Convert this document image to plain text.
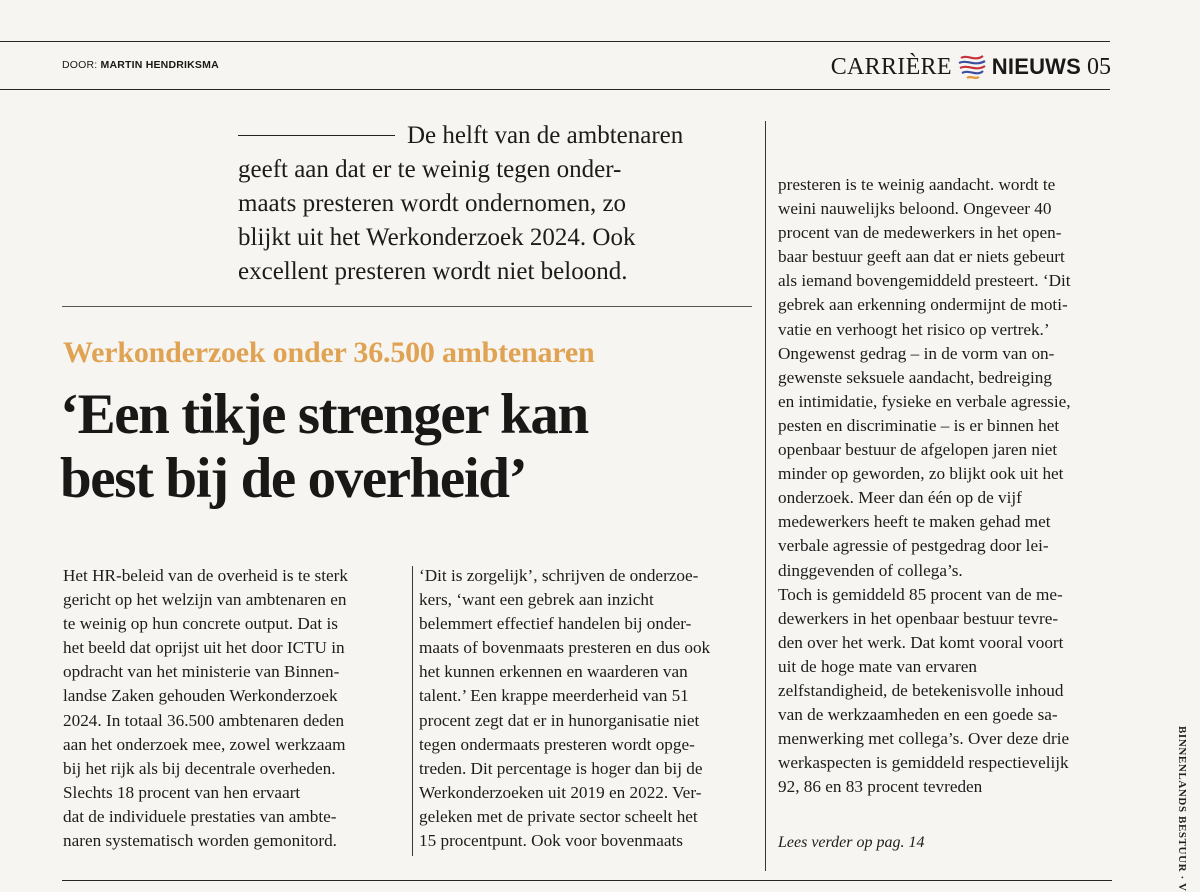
DOOR: MARTIN HENDRIKSMA	CARRIÈRE NIEUWS 05
De helft van de ambtenaren
geeft aan dat er te weinig tegen onder-
maats presteren wordt ondernomen, zo
blijkt uit het Werkonderzoek 2024. Ook
excellent presteren wordt niet beloond.
Werkonderzoek onder 36.500 ambtenaren
‘Een tikje strenger kan
best bij de overheid’
Het HR-beleid van de overheid is te sterk
gericht op het welzijn van ambtenaren en
te weinig op hun concrete output. Dat is
het beeld dat oprijst uit het door ICTU in
opdracht van het ministerie van Binnen-
landse Zaken gehouden Werkonderzoek
2024. In totaal 36.500 ambtenaren deden
aan het onderzoek mee, zowel werkzaam
bij het rijk als bij decentrale overheden.
Slechts 18 procent van hen ervaart
dat de individuele prestaties van ambte-
naren systematisch worden gemonitord.
‘Dit is zorgelijk’, schrijven de onderzoe-
kers, ‘want een gebrek aan inzicht
belemmert effectief handelen bij onder-
maats of bovenmaats presteren en dus ook
het kunnen erkennen en waarderen van
talent.’ Een krappe meerderheid van 51
procent zegt dat er in hunorganisatie niet
tegen ondermaats presteren wordt opge-
treden. Dit percentage is hoger dan bij de
Werkonderzoeken uit 2019 en 2022. Ver-
geleken met de private sector scheelt het
15 procentpunt. Ook voor bovenmaats
presteren is te weinig aandacht. wordt te
weini nauwelijks beloond. Ongeveer 40
procent van de medewerkers in het open-
baar bestuur geeft aan dat er niets gebeurt
als iemand bovengemiddeld presteert. ‘Dit
gebrek aan erkenning ondermijnt de moti-
vatie en verhoogt het risico op vertrek.’
Ongewenst gedrag – in de vorm van on-
gewenste seksuele aandacht, bedreiging
en intimidatie, fysieke en verbale agressie,
pesten en discriminatie – is er binnen het
openbaar bestuur de afgelopen jaren niet
minder op geworden, zo blijkt ook uit het
onderzoek. Meer dan één op de vijf
medewerkers heeft te maken gehad met
verbale agressie of pestgedrag door lei-
dinggevenden of collega’s.
Toch is gemiddeld 85 procent van de me-
dewerkers in het openbaar bestuur tevre-
den over het werk. Dat komt vooral voort
uit de hoge mate van ervaren
zelfstandigheid, de betekenisvolle inhoud
van de werkzaamheden en een goede sa-
menwerking met collega’s. Over deze drie
werkaspecten is gemiddeld respectievelijk
92, 86 en 83 procent tevreden
Lees verder op pag. 14	BINNENLANDS BESTUUR · V
